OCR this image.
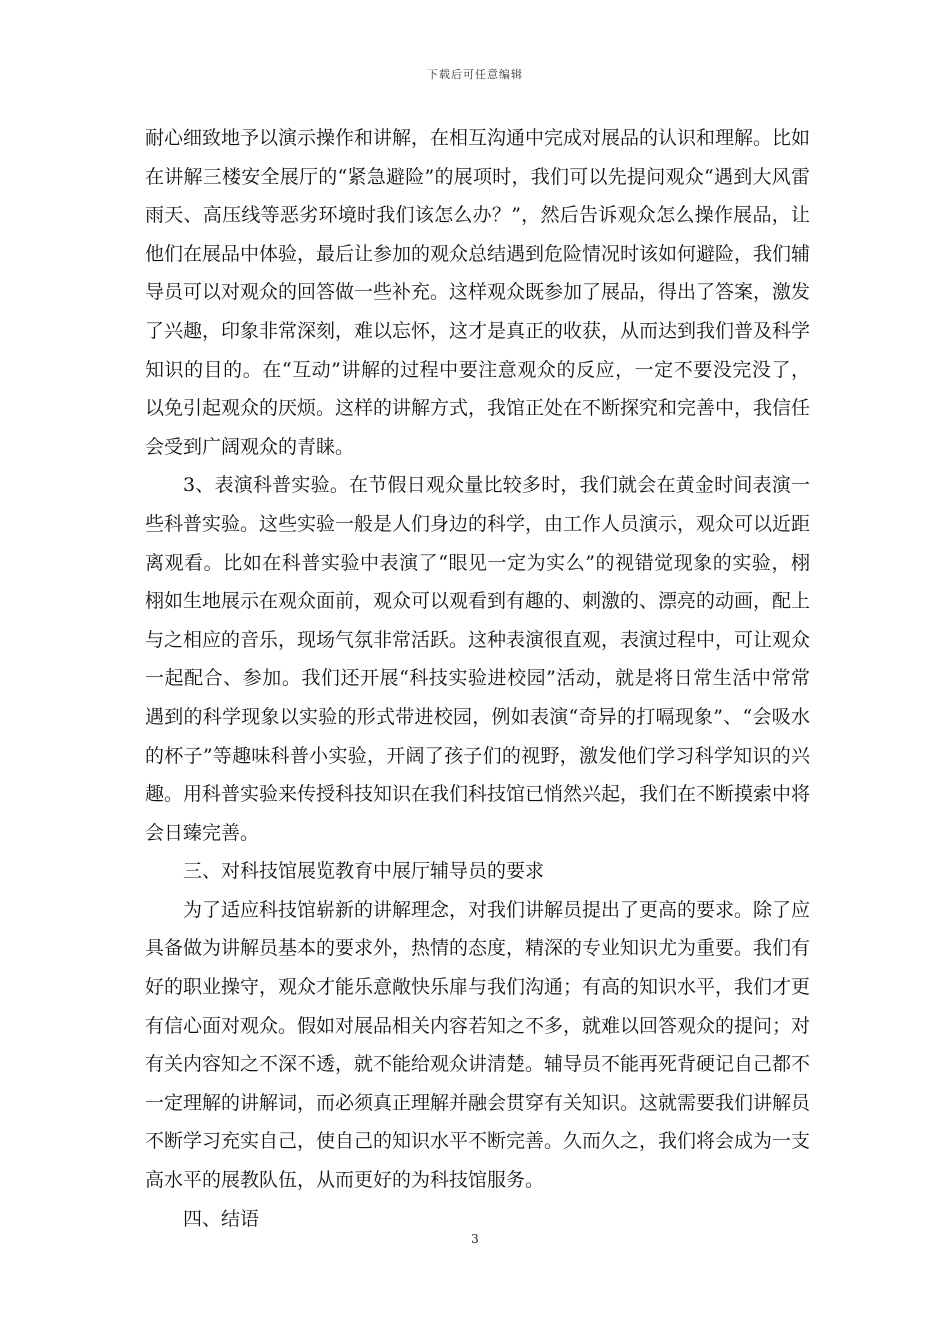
下载后可任意编辑

耐心细致地予以演示操作和讲解，在相互沟通中完成对展品的认识和理解。比如在讲解三楼安全展厅的“紧急避险”的展项时，我们可以先提问观众“遇到大风雷雨天、高压线等恶劣环境时我们该怎么办？”，然后告诉观众怎么操作展品，让他们在展品中体验，最后让参加的观众总结遇到危险情况时该如何避险，我们辅导员可以对观众的回答做一些补充。这样观众既参加了展品，得出了答案，激发了兴趣，印象非常深刻，难以忘怀，这才是真正的收获，从而达到我们普及科学知识的目的。在“互动”讲解的过程中要注意观众的反应，一定不要没完没了，以免引起观众的厌烦。这样的讲解方式，我馆正处在不断探究和完善中，我信任会受到广阔观众的青睐。

3、表演科普实验。在节假日观众量比较多时，我们就会在黄金时间表演一些科普实验。这些实验一般是人们身边的科学，由工作人员演示，观众可以近距离观看。比如在科普实验中表演了“眼见一定为实么”的视错觉现象的实验，栩栩如生地展示在观众面前，观众可以观看到有趣的、刺激的、漂亮的动画，配上与之相应的音乐，现场气氛非常活跃。这种表演很直观，表演过程中，可让观众一起配合、参加。我们还开展“科技实验进校园”活动，就是将日常生活中常常遇到的科学现象以实验的形式带进校园，例如表演“奇异的打嗝现象”、“会吸水的杯子”等趣味科普小实验，开阔了孩子们的视野，激发他们学习科学知识的兴趣。用科普实验来传授科技知识在我们科技馆已悄然兴起，我们在不断摸索中将会日臻完善。

三、对科技馆展览教育中展厅辅导员的要求

为了适应科技馆崭新的讲解理念，对我们讲解员提出了更高的要求。除了应具备做为讲解员基本的要求外，热情的态度，精深的专业知识尤为重要。我们有好的职业操守，观众才能乐意敞快乐扉与我们沟通；有高的知识水平，我们才更有信心面对观众。假如对展品相关内容若知之不多，就难以回答观众的提问；对有关内容知之不深不透，就不能给观众讲清楚。辅导员不能再死背硬记自己都不一定理解的讲解词，而必须真正理解并融会贯穿有关知识。这就需要我们讲解员不断学习充实自己，使自己的知识水平不断完善。久而久之，我们将会成为一支高水平的展教队伍，从而更好的为科技馆服务。

四、结语

3
